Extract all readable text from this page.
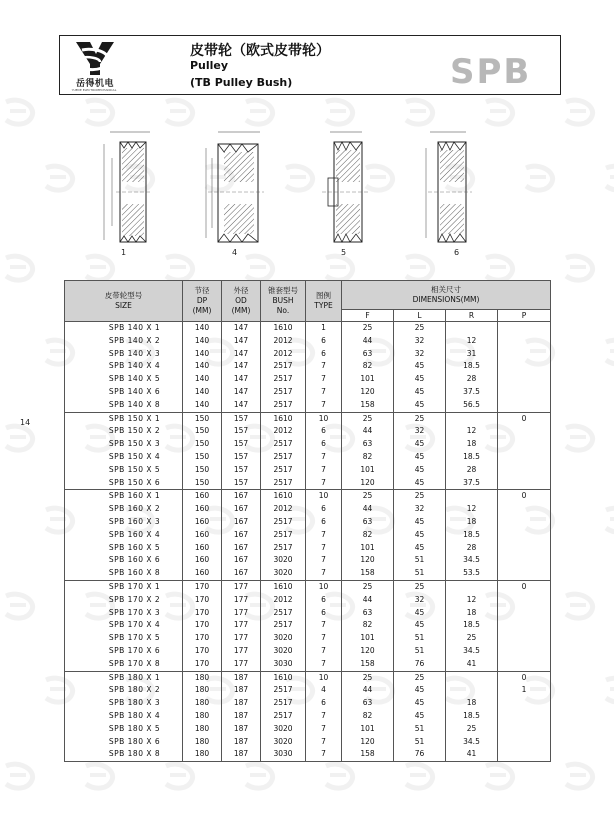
岳得机电
YUEDE ELECTROMECHANICAL
皮带轮（欧式皮带轮）
Pulley
(TB Pulley Bush)	SPB
14
1	4	5	6
皮带轮型号
SIZE	节径
DP
(MM)	外径
OD
(MM)	锥套型号
BUSH
No.	图例
TYPE	相关尺寸
DIMENSIONS(MM)			

					F	L	R	P
SPB 140 X 1	140	147	1610	1	25	25		
SPB 140 X 2	140	147	2012	6	44	32	12	
SPB 140 X 3	140	147	2012	6	63	32	31	
SPB 140 X 4	140	147	2517	7	82	45	18.5	
SPB 140 X 5	140	147	2517	7	101	45	28	
SPB 140 X 6	140	147	2517	7	120	45	37.5	
SPB 140 X 8	140	147	2517	7	158	45	56.5	
SPB 150 X 1	150	157	1610	10	25	25		0
SPB 150 X 2	150	157	2012	6	44	32	12	
SPB 150 X 3	150	157	2517	6	63	45	18	
SPB 150 X 4	150	157	2517	7	82	45	18.5	
SPB 150 X 5	150	157	2517	7	101	45	28	
SPB 150 X 6	150	157	2517	7	120	45	37.5	
SPB 160 X 1	160	167	1610	10	25	25		0
SPB 160 X 2	160	167	2012	6	44	32	12	
SPB 160 X 3	160	167	2517	6	63	45	18	
SPB 160 X 4	160	167	2517	7	82	45	18.5	
SPB 160 X 5	160	167	2517	7	101	45	28	
SPB 160 X 6	160	167	3020	7	120	51	34.5	
SPB 160 X 8	160	167	3020	7	158	51	53.5	
SPB 170 X 1	170	177	1610	10	25	25		0
SPB 170 X 2	170	177	2012	6	44	32	12	
SPB 170 X 3	170	177	2517	6	63	45	18	
SPB 170 X 4	170	177	2517	7	82	45	18.5	
SPB 170 X 5	170	177	3020	7	101	51	25	
SPB 170 X 6	170	177	3020	7	120	51	34.5	
SPB 170 X 8	170	177	3030	7	158	76	41	
SPB 180 X 1	180	187	1610	10	25	25		0
SPB 180 X 2	180	187	2517	4	44	45		1
SPB 180 X 3	180	187	2517	6	63	45	18	
SPB 180 X 4	180	187	2517	7	82	45	18.5	
SPB 180 X 5	180	187	3020	7	101	51	25	
SPB 180 X 6	180	187	3020	7	120	51	34.5	
SPB 180 X 8	180	187	3030	7	158	76	41	
